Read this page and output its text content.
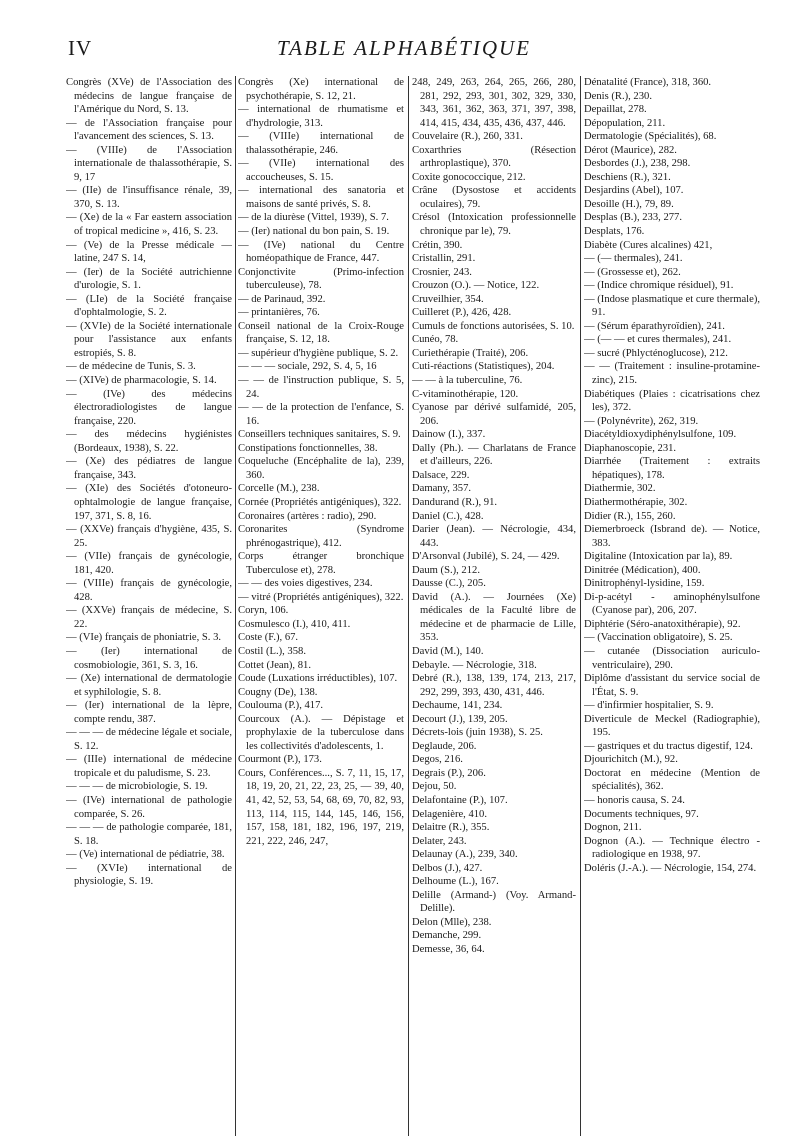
IV	TABLE ALPHABÉTIQUE

Congrès (XVe) de l'Association des médecins de langue française de l'Amérique du Nord, S. 13.

— de l'Association française pour l'avancement des sciences, S. 13.

— (VIIIe) de l'Association internationale de thalassothérapie, S. 9, 17

— (IIe) de l'insuffisance rénale, 39, 370, S. 13.

— (Xe) de la « Far eastern association of tropical medicine », 416, S. 23.

— (Ve) de la Presse médicale — latine, 247 S. 14,

— (Ier) de la Société autrichienne d'urologie, S. 1.

— (LIe) de la Société française d'ophtalmologie, S. 2.

— (XVIe) de la Société internationale pour l'assistance aux enfants estropiés, S. 8.

— de médecine de Tunis, S. 3.

— (XIVe) de pharmacologie, S. 14.

— (IVe) des médecins électroradiologistes de langue française, 220.

— des médecins hygiénistes (Bordeaux, 1938), S. 22.

— (Xe) des pédiatres de langue française, 343.

— (XIe) des Sociétés d'otoneuro-ophtalmologie de langue française, 197, 371, S. 8, 16.

— (XXVe) français d'hygiène, 435, S. 25.

— (VIIe) français de gynécologie, 181, 420.

— (VIIIe) français de gynécologie, 428.

— (XXVe) français de médecine, S. 22.

— (VIe) français de phoniatrie, S. 3.

— (Ier) international de cosmobiologie, 361, S. 3, 16.

— (Xe) international de dermatologie et syphilologie, S. 8.

— (Ier) international de la lèpre, compte rendu, 387.

— — — de médecine légale et sociale, S. 12.

— (IIIe) international de médecine tropicale et du paludisme, S. 23.

— — — de microbiologie, S. 19.

— (IVe) international de pathologie comparée, S. 26.

— — — de pathologie comparée, 181, S. 18.

— (Ve) international de pédiatrie, 38.

— (XVIe) international de physiologie, S. 19.

Congrès (Xe) international de psychothérapie, S. 12, 21.

— international de rhumatisme et d'hydrologie, 313.

— (VIIIe) international de thalassothérapie, 246.

— (VIIe) international des accoucheuses, S. 15.

— international des sanatoria et maisons de santé privés, S. 8.

— de la diurèse (Vittel, 1939), S. 7.

— (Ier) national du bon pain, S. 19.

— (IVe) national du Centre homéopathique de France, 447.

Conjonctivite (Primo-infection tuberculeuse), 78.

— de Parinaud, 392.

— printanières, 76.

Conseil national de la Croix-Rouge française, S. 12, 18.

— supérieur d'hygiène publique, S. 2.

— — — sociale, 292, S. 4, 5, 16

— — de l'instruction publique, S. 5, 24.

— — de la protection de l'enfance, S. 16.

Conseillers techniques sanitaires, S. 9.

Constipations fonctionnelles, 38.

Coqueluche (Encéphalite de la), 239, 360.

Corcelle (M.), 238.

Cornée (Propriétés antigéniques), 322.

Coronaires (artères : radio), 290.

Coronarites (Syndrome phrénogastrique), 412.

Corps étranger bronchique Tuberculose et), 278.

— — des voies digestives, 234.

— vitré (Propriétés antigéniques), 322.

Coryn, 106.

Cosmulesco (I.), 410, 411.

Coste (F.), 67.

Costil (L.), 358.

Cottet (Jean), 81.

Coude (Luxations irréductibles), 107.

Cougny (De), 138.

Coulouma (P.), 417.

Courcoux (A.). — Dépistage et prophylaxie de la tuberculose dans les collectivités d'adolescents, 1.

Courmont (P.), 173.

Cours, Conférences..., S. 7, 11, 15, 17, 18, 19, 20, 21, 22, 23, 25, — 39, 40, 41, 42, 52, 53, 54, 68, 69, 70, 82, 93, 113, 114, 115, 144, 145, 146, 156, 157, 158, 181, 182, 196, 197, 219, 221, 222, 246, 247,

248, 249, 263, 264, 265, 266, 280, 281, 292, 293, 301, 302, 329, 330, 343, 361, 362, 363, 371, 397, 398, 414, 415, 434, 435, 436, 437, 446.

Couvelaire (R.), 260, 331.

Coxarthries (Résection arthroplastique), 370.

Coxite gonococcique, 212.

Crâne (Dysostose et accidents oculaires), 79.

Crésol (Intoxication professionnelle chronique par le), 79.

Crétin, 390.

Cristallin, 291.

Crosnier, 243.

Crouzon (O.). — Notice, 122.

Cruveilhier, 354.

Cuilleret (P.), 426, 428.

Cumuls de fonctions autorisées, S. 10.

Cunéo, 78.

Curiethérapie (Traité), 206.

Cuti-réactions (Statistiques), 204.

— — à la tuberculine, 76.

C-vitaminothérapie, 120.

Cyanose par dérivé sulfamidé, 205, 206.

Dainow (I.), 337.

Dally (Ph.). — Charlatans de France et d'ailleurs, 226.

Dalsace, 229.

Damany, 357.

Dandurand (R.), 91.

Daniel (C.), 428.

Darier (Jean). — Nécrologie, 434, 443.

D'Arsonval (Jubilé), S. 24, — 429.

Daum (S.), 212.

Dausse (C.), 205.

David (A.). — Journées (Xe) médicales de la Faculté libre de médecine et de pharmacie de Lille, 353.

David (M.), 140.

Debayle. — Nécrologie, 318.

Debré (R.), 138, 139, 174, 213, 217, 292, 299, 393, 430, 431, 446.

Dechaume, 141, 234.

Decourt (J.), 139, 205.

Décrets-lois (juin 1938), S. 25.

Deglaude, 206.

Degos, 216.

Degrais (P.), 206.

Dejou, 50.

Delafontaine (P.), 107.

Delagenière, 410.

Delaitre (R.), 355.

Delater, 243.

Delaunay (A.), 239, 340.

Delbos (J.), 427.

Delhoume (L.), 167.

Delille (Armand-) (Voy. Armand-Delille).

Delon (Mlle), 238.

Demanche, 299.

Demesse, 36, 64.

Dénatalité (France), 318, 360.

Denis (R.), 230.

Depaillat, 278.

Dépopulation, 211.

Dermatologie (Spécialités), 68.

Dérot (Maurice), 282.

Desbordes (J.), 238, 298.

Deschiens (R.), 321.

Desjardins (Abel), 107.

Desoille (H.), 79, 89.

Desplas (B.), 233, 277.

Desplats, 176.

Diabète (Cures alcalines) 421,

— (— thermales), 241.

— (Grossesse et), 262.

— (Indice chromique résiduel), 91.

— (Indose plasmatique et cure thermale), 91.

— (Sérum éparathyroïdien), 241.

— (— — et cures thermales), 241.

— sucré (Phlycténoglucose), 212.

— — (Traitement : insuline-protamine-zinc), 215.

Diabétiques (Plaies : cicatrisations chez les), 372.

— (Polynévrite), 262, 319.

Diacétyldioxydiphénylsulfone, 109.

Diaphanoscopie, 231.

Diarrhée (Traitement : extraits hépatiques), 178.

Diathermie, 302.

Diathermothérapie, 302.

Didier (R.), 155, 260.

Diemerbroeck (Isbrand de). — Notice, 383.

Digitaline (Intoxication par la), 89.

Dinitrée (Médication), 400.

Dinitrophényl-lysidine, 159.

Di-p-acétyl - aminophénylsulfone (Cyanose par), 206, 207.

Diphtérie (Séro-anatoxithérapie), 92.

— (Vaccination obligatoire), S. 25.

— cutanée (Dissociation auriculo-ventriculaire), 290.

Diplôme d'assistant du service social de l'État, S. 9.

— d'infirmier hospitalier, S. 9.

Diverticule de Meckel (Radiographie), 195.

— gastriques et du tractus digestif, 124.

Djourichitch (M.), 92.

Doctorat en médecine (Mention de spécialités), 362.

— honoris causa, S. 24.

Documents techniques, 97.

Dognon, 211.

Dognon (A.). — Technique électro - radiologique en 1938, 97.

Doléris (J.-A.). — Nécrologie, 154, 274.
